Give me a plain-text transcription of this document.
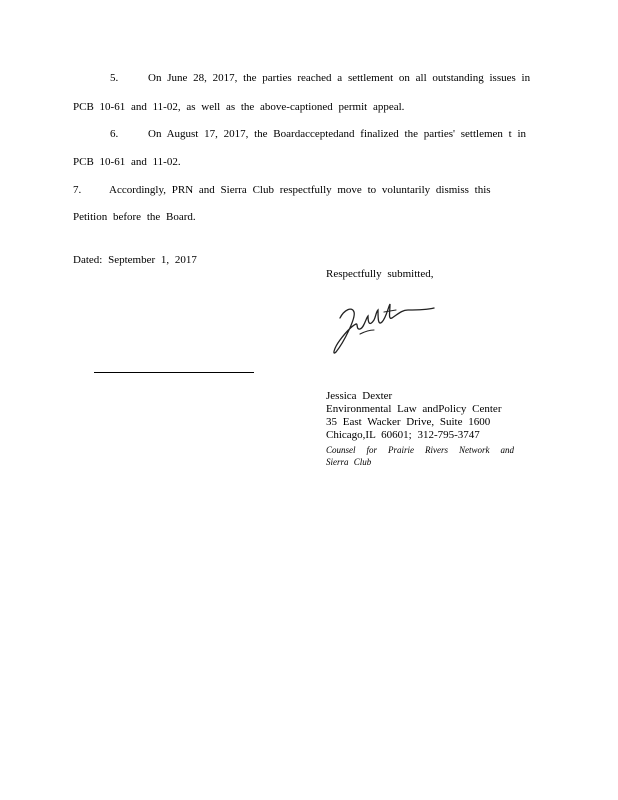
5.	On June 28, 2017, the parties reached a settlement on all outstanding issues in
PCB 10-61 and 11-02, as well as the above-captioned permit appeal.
6.	On August 17, 2017, the Boardacceptedand finalized the parties' settlemen t in
PCB 10-61 and 11-02.
7.	Accordingly, PRN and Sierra Club respectfully move to voluntarily dismiss this
Petition before the Board.
Dated: September 1, 2017
Respectfully submitted,
Jessica Dexter
Environmental Law andPolicy Center
35 East Wacker Drive, Suite 1600
Chicago,IL 60601; 312-795-3747
Counsel for Prairie Rivers Network and
Sierra Club
